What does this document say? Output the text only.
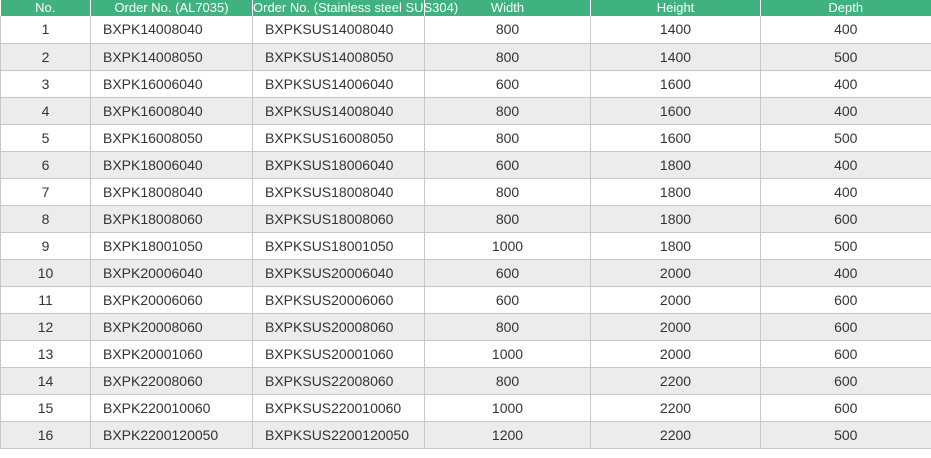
No.	Order No. (AL7035)	Order No. (Stainless steel SUS304)	Width	Height	Depth
1	BXPK14008040	BXPKSUS14008040	800	1400	400
2	BXPK14008050	BXPKSUS14008050	800	1400	500
3	BXPK16006040	BXPKSUS14006040	600	1600	400
4	BXPK16008040	BXPKSUS14008040	800	1600	400
5	BXPK16008050	BXPKSUS16008050	800	1600	500
6	BXPK18006040	BXPKSUS18006040	600	1800	400
7	BXPK18008040	BXPKSUS18008040	800	1800	400
8	BXPK18008060	BXPKSUS18008060	800	1800	600
9	BXPK18001050	BXPKSUS18001050	1000	1800	500
10	BXPK20006040	BXPKSUS20006040	600	2000	400
11	BXPK20006060	BXPKSUS20006060	600	2000	600
12	BXPK20008060	BXPKSUS20008060	800	2000	600
13	BXPK20001060	BXPKSUS20001060	1000	2000	600
14	BXPK22008060	BXPKSUS22008060	800	2200	600
15	BXPK220010060	BXPKSUS220010060	1000	2200	600
16	BXPK2200120050	BXPKSUS2200120050	1200	2200	500
